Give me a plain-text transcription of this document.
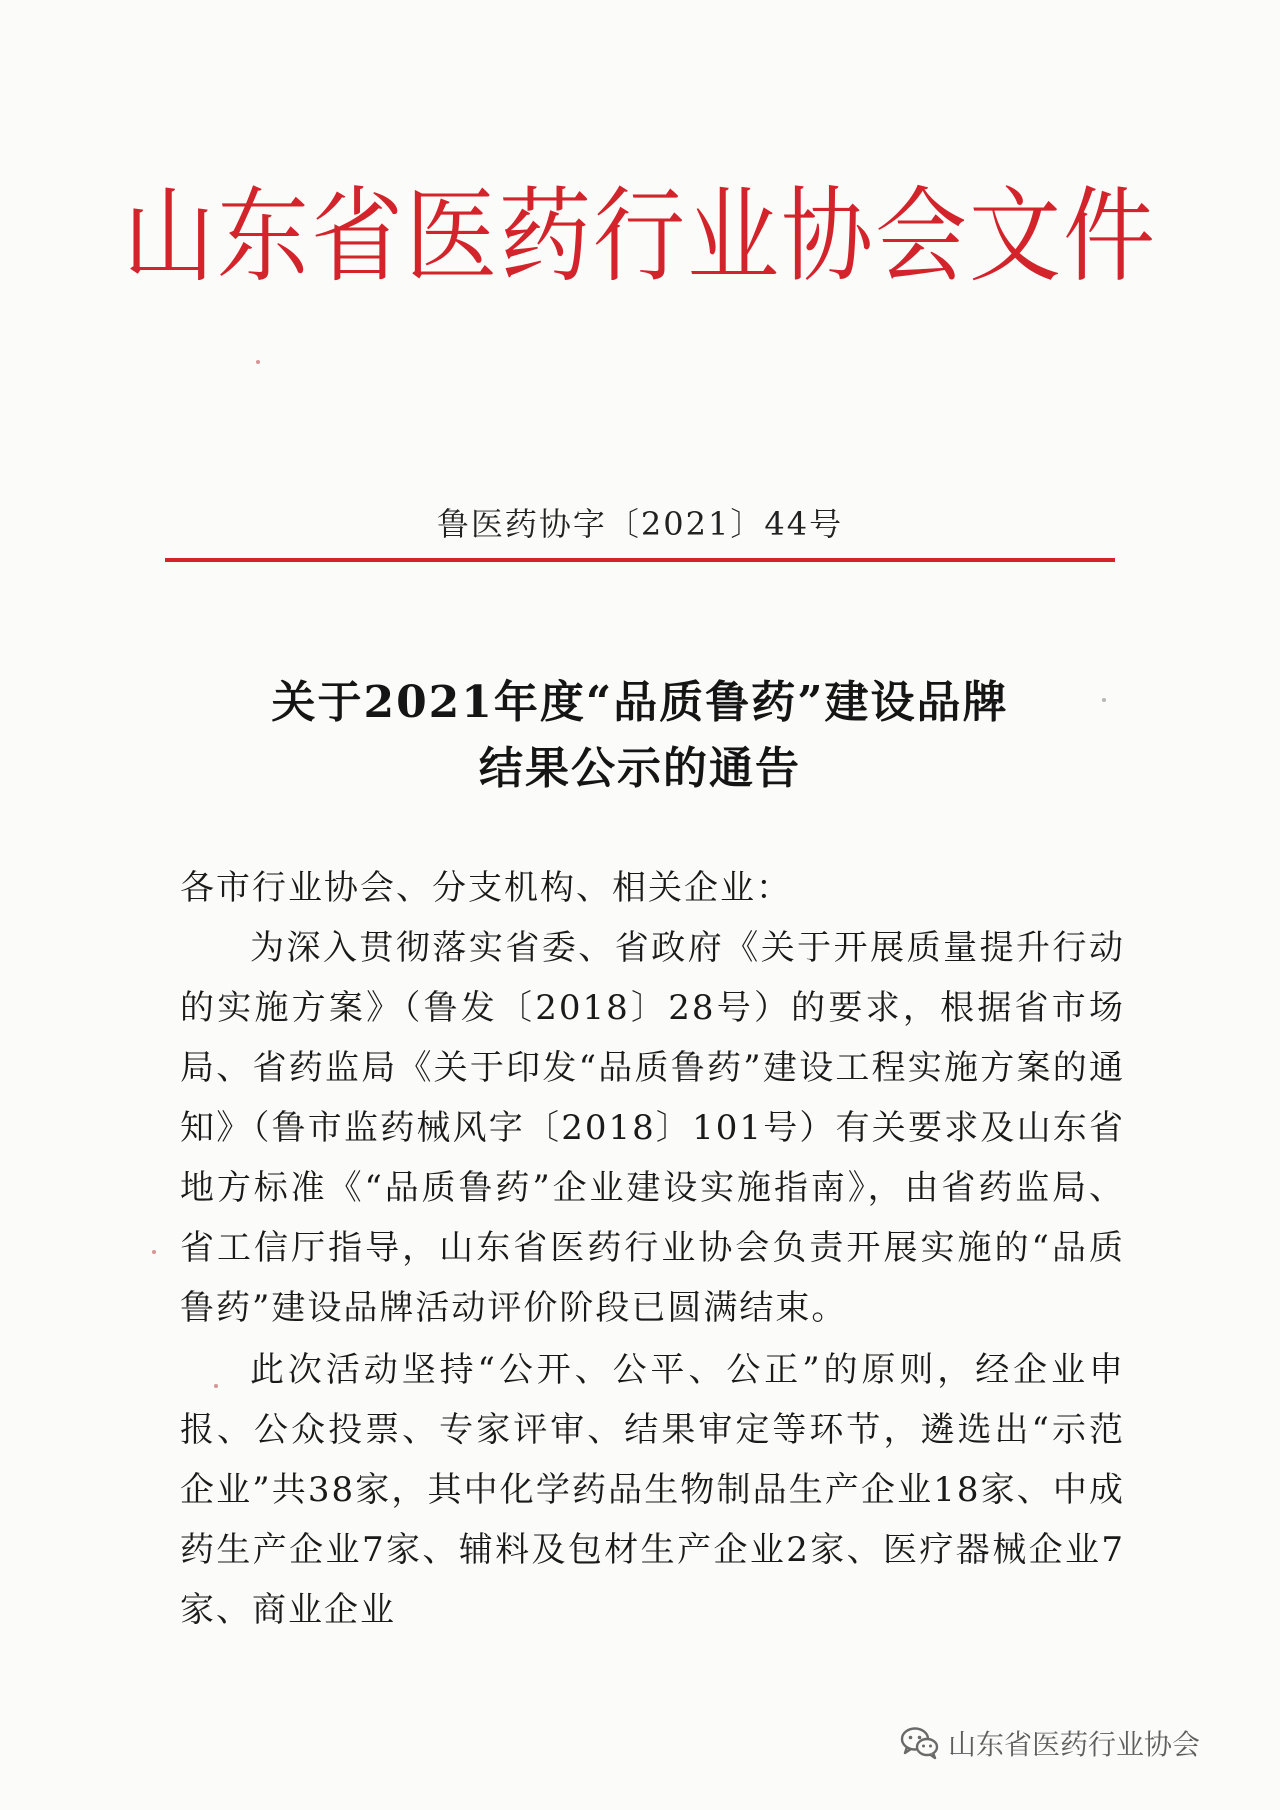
山东省医药行业协会文件
鲁医药协字〔2021〕44号
关于2021年度“品质鲁药”建设品牌
结果公示的通告

各市行业协会、分支机构、相关企业：

为深入贯彻落实省委、省政府《关于开展质量提升行动的实施方案》（鲁发〔2018〕28号）的要求，根据省市场局、省药监局《关于印发“品质鲁药”建设工程实施方案的通知》（鲁市监药械风字〔2018〕101号）有关要求及山东省地方标准《“品质鲁药”企业建设实施指南》，由省药监局、省工信厅指导，山东省医药行业协会负责开展实施的“品质鲁药”建设品牌活动评价阶段已圆满结束。

此次活动坚持“公开、公平、公正”的原则，经企业申报、公众投票、专家评审、结果审定等环节，遴选出“示范企业”共38家，其中化学药品生物制品生产企业18家、中成药生产企业7家、辅料及包材生产企业2家、医疗器械企业7家、商业企业

山东省医药行业协会
